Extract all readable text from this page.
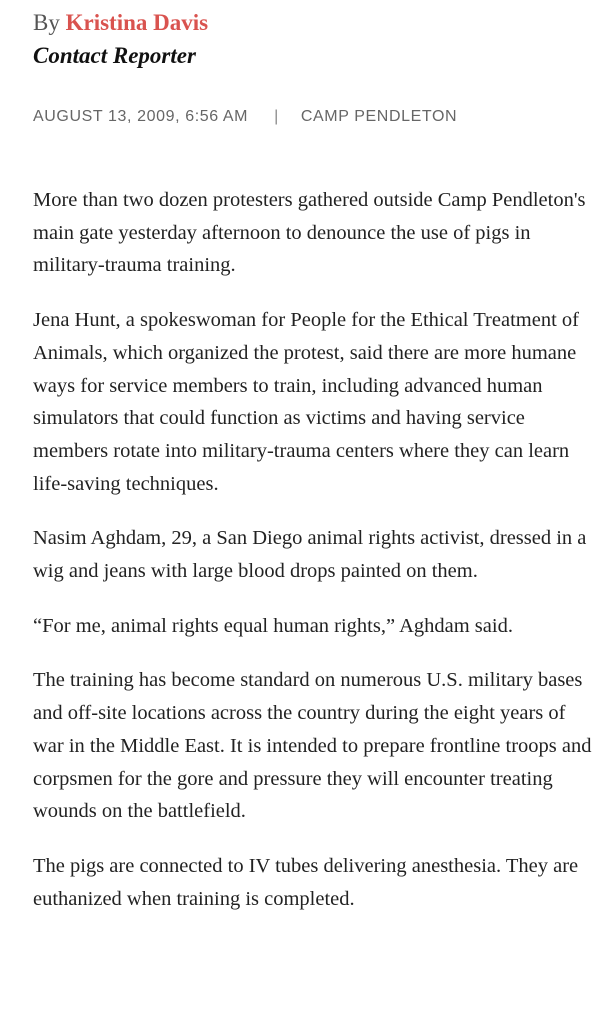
By Kristina Davis
Contact Reporter
AUGUST 13, 2009, 6:56 AM | CAMP PENDLETON

More than two dozen protesters gathered outside Camp Pendleton's main gate yesterday afternoon to denounce the use of pigs in military-trauma training.

Jena Hunt, a spokeswoman for People for the Ethical Treatment of Animals, which organized the protest, said there are more humane ways for service members to train, including advanced human simulators that could function as victims and having service members rotate into military-trauma centers where they can learn life-saving techniques.

Nasim Aghdam, 29, a San Diego animal rights activist, dressed in a wig and jeans with large blood drops painted on them.

“For me, animal rights equal human rights,” Aghdam said.

The training has become standard on numerous U.S. military bases and off-site locations across the country during the eight years of war in the Middle East. It is intended to prepare frontline troops and corpsmen for the gore and pressure they will encounter treating wounds on the battlefield.

The pigs are connected to IV tubes delivering anesthesia. They are euthanized when training is completed.
